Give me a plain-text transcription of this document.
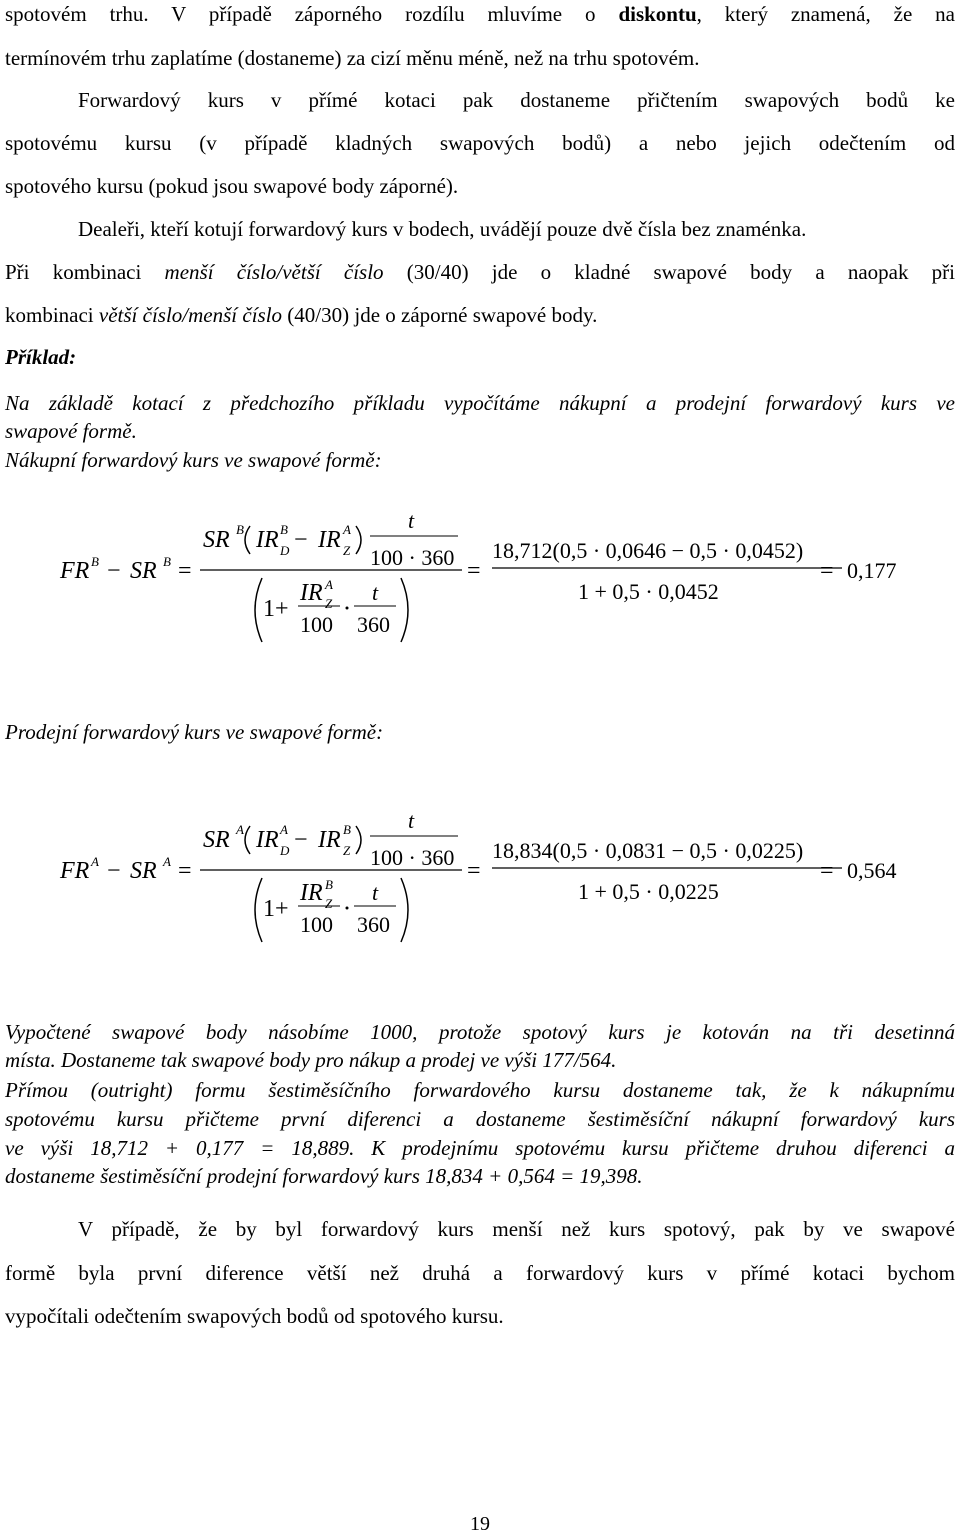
spotovém trhu. V případě záporného rozdílu mluvíme o diskontu, který znamená, že na
termínovém trhu zaplatíme (dostaneme) za cizí měnu méně, než na trhu spotovém.
Forwardový kurs v přímé kotaci pak dostaneme přičtením swapových bodů ke
spotovému kursu (v případě kladných swapových bodů) a nebo jejich odečtením od
spotového kursu (pokud jsou swapové body záporné).
Dealeři, kteří kotují forwardový kurs v bodech, uvádějí pouze dvě čísla bez znaménka.
Při kombinaci menší číslo/větší číslo (30/40) jde o kladné swapové body a naopak při
kombinaci větší číslo/menší číslo (40/30) jde o záporné swapové body.
Příklad:
Na základě kotací z předchozího příkladu vypočítáme nákupní a prodejní forwardový kurs ve
swapové formě.
Nákupní forwardový kurs ve swapové formě:
FR B − SR B =
SR B IR B
D − IR A
Z
t
100 · 360
1+
IR A
Z t
100 360
=
18,712(0,5 · 0,0646 − 0,5 · 0,0452)
1 + 0,5 · 0,0452
= 0,177
Prodejní forwardový kurs ve swapové formě:
FR A − SR A =
SR A IR A
D − IR B
Z
t
100 · 360
1+
IR B
Z t
100 360
=
18,834(0,5 · 0,0831 − 0,5 · 0,0225)
1 + 0,5 · 0,0225
= 0,564
Vypočtené swapové body násobíme 1000, protože spotový kurs je kotován na tři desetinná
místa. Dostaneme tak swapové body pro nákup a prodej ve výši 177/564.
Přímou (outright) formu šestiměsíčního forwardového kursu dostaneme tak, že k nákupnímu
spotovému kursu přičteme první diferenci a dostaneme šestiměsíční nákupní forwardový kurs
ve výši 18,712 + 0,177 = 18,889. K prodejnímu spotovému kursu přičteme druhou diferenci a
dostaneme šestiměsíční prodejní forwardový kurs 18,834 + 0,564 = 19,398.
V případě, že by byl forwardový kurs menší než kurs spotový, pak by ve swapové
formě byla první diference větší než druhá a forwardový kurs v přímé kotaci bychom
vypočítali odečtením swapových bodů od spotového kursu.
19
